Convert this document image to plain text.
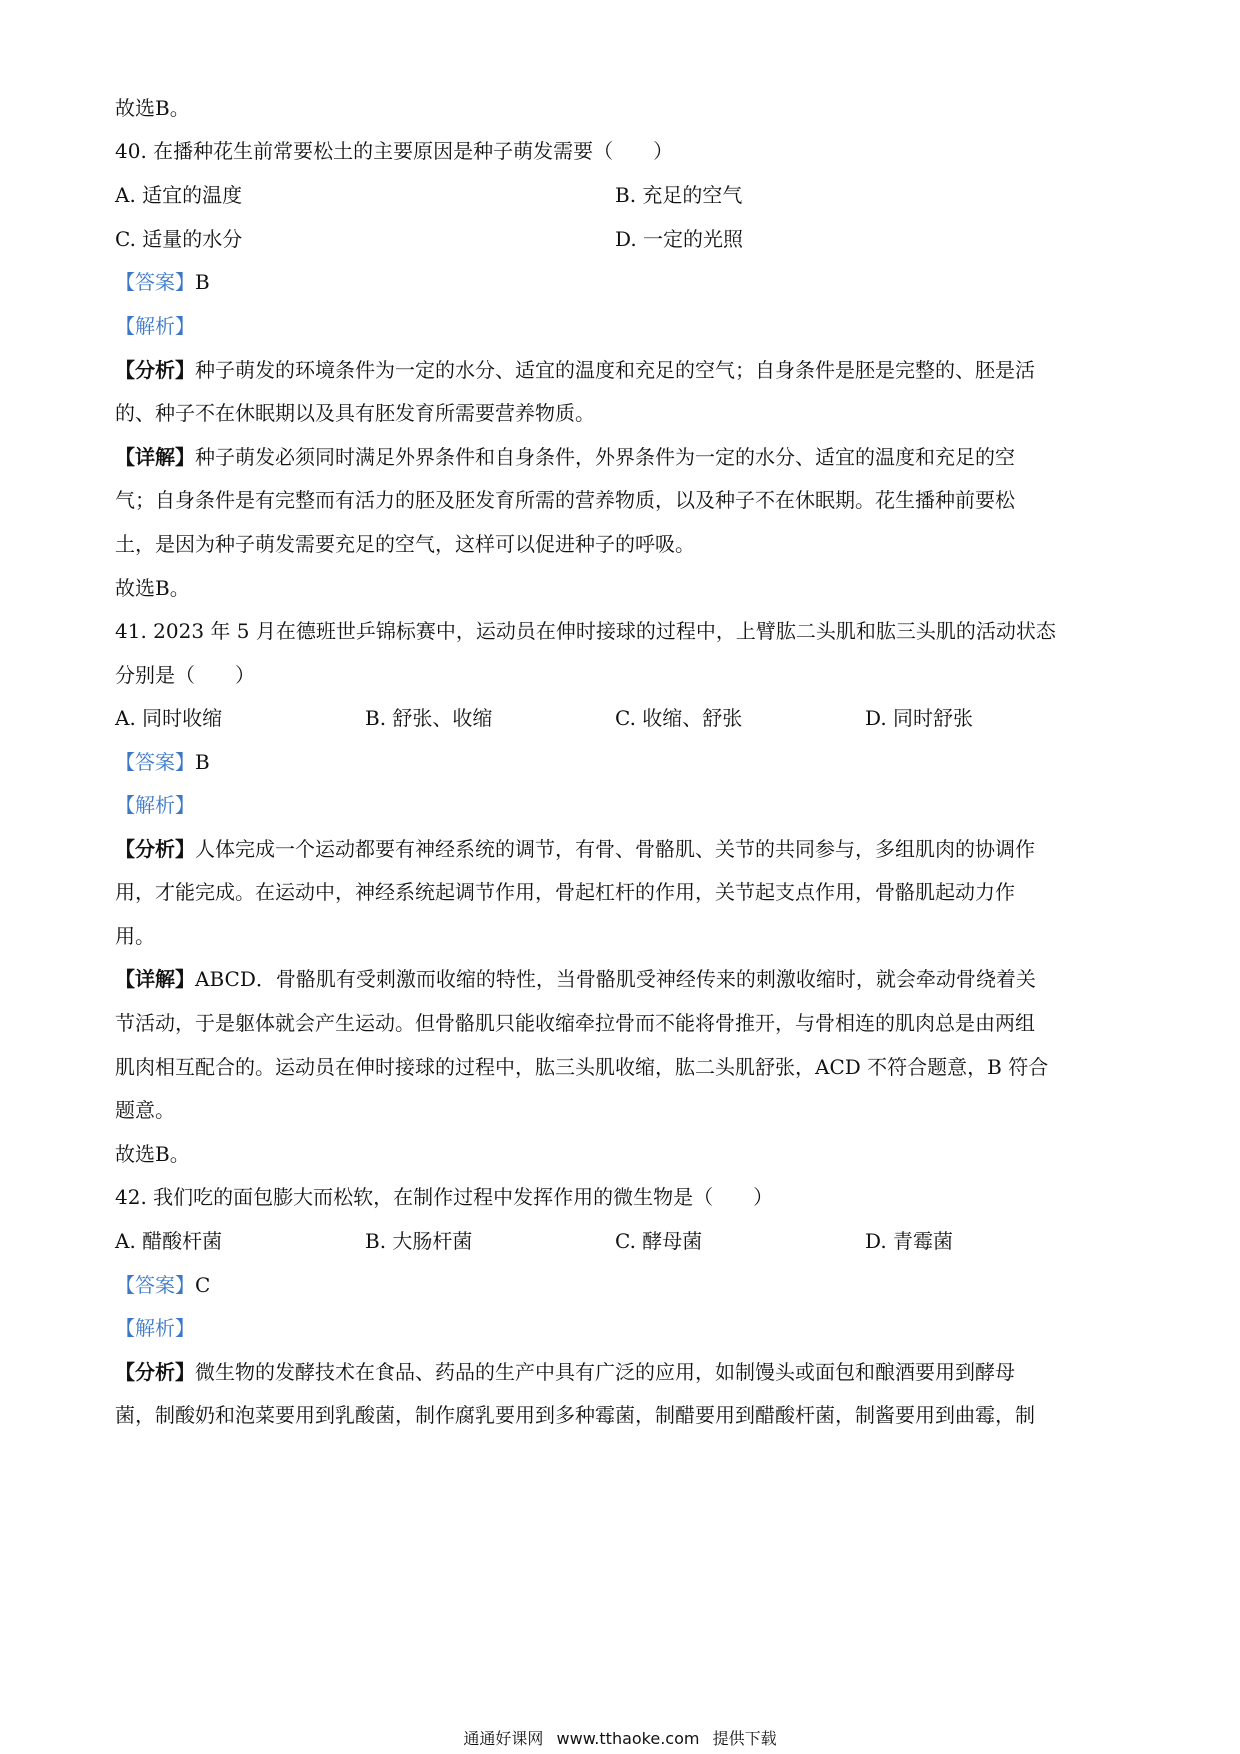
故选B。
40. 在播种花生前常要松土的主要原因是种子萌发需要（　　）
A. 适宜的温度	B. 充足的空气
C. 适量的水分	D. 一定的光照
【答案】B
【解析】
【分析】种子萌发的环境条件为一定的水分、适宜的温度和充足的空气；自身条件是胚是完整的、胚是活
的、种子不在休眠期以及具有胚发育所需要营养物质。
【详解】种子萌发必须同时满足外界条件和自身条件，外界条件为一定的水分、适宜的温度和充足的空
气；自身条件是有完整而有活力的胚及胚发育所需的营养物质，以及种子不在休眠期。花生播种前要松
土，是因为种子萌发需要充足的空气，这样可以促进种子的呼吸。
故选B。
41. 2023 年 5 月在德班世乒锦标赛中，运动员在伸时接球的过程中，上臂肱二头肌和肱三头肌的活动状态
分别是（　　）
A. 同时收缩	B. 舒张、收缩	C. 收缩、舒张	D. 同时舒张
【答案】B
【解析】
【分析】人体完成一个运动都要有神经系统的调节，有骨、骨骼肌、关节的共同参与，多组肌肉的协调作
用，才能完成。在运动中，神经系统起调节作用，骨起杠杆的作用，关节起支点作用，骨骼肌起动力作
用。
【详解】ABCD．骨骼肌有受刺激而收缩的特性，当骨骼肌受神经传来的刺激收缩时，就会牵动骨绕着关
节活动，于是躯体就会产生运动。但骨骼肌只能收缩牵拉骨而不能将骨推开，与骨相连的肌肉总是由两组
肌肉相互配合的。运动员在伸时接球的过程中，肱三头肌收缩，肱二头肌舒张，ACD 不符合题意，B 符合
题意。
故选B。
42. 我们吃的面包膨大而松软，在制作过程中发挥作用的微生物是（　　）
A. 醋酸杆菌	B. 大肠杆菌	C. 酵母菌	D. 青霉菌
【答案】C
【解析】
【分析】微生物的发酵技术在食品、药品的生产中具有广泛的应用，如制馒头或面包和酿酒要用到酵母
菌，制酸奶和泡菜要用到乳酸菌，制作腐乳要用到多种霉菌，制醋要用到醋酸杆菌，制酱要用到曲霉，制
通通好课网 www.tthaoke.com 提供下载
